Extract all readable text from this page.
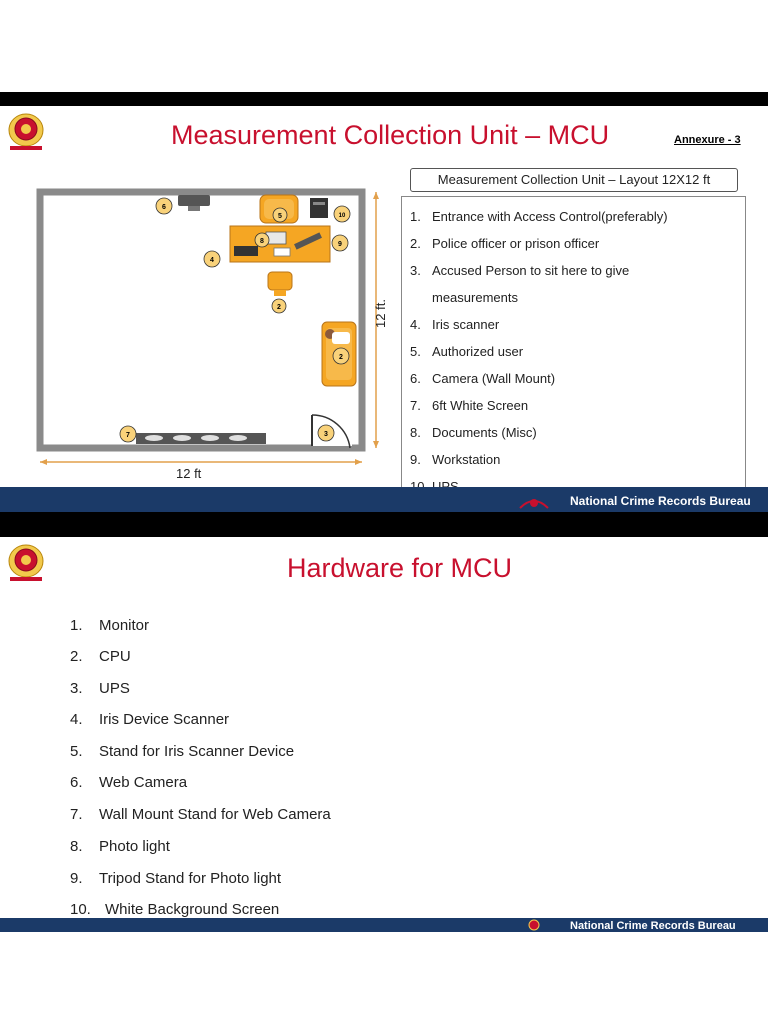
Measurement Collection Unit – MCU	Annexure - 3
6
5	10
8	9
4
2
2
7	3
12 ft
12 ft.
Measurement Collection Unit – Layout 12X12 ft
1. Entrance with Access Control(preferably)
2. Police officer or prison officer
3. Accused Person to sit here to give
measurements
4. Iris scanner
5. Authorized user
6. Camera (Wall Mount)
7. 6ft White Screen
8. Documents (Misc)
9. Workstation
National Crime Records Bureau
Hardware for MCU
1. Monitor
2. CPU
3. UPS
4. Iris Device Scanner
5. Stand for Iris Scanner Device
6. Web Camera
7. Wall Mount Stand for Web Camera
8. Photo light
9. Tripod Stand for Photo light
10. White Background Screen
National Crime Records Bureau
